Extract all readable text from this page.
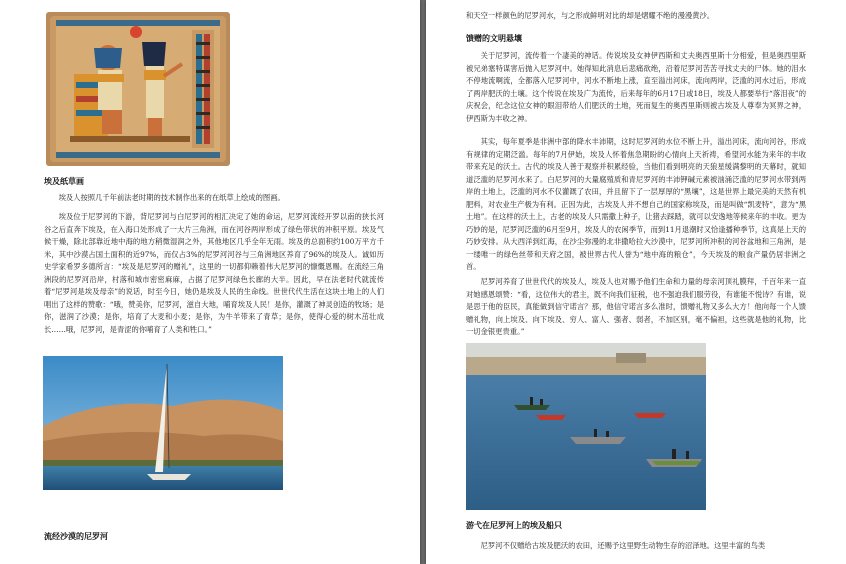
埃及纸草画

埃及人按照几千年前法老时期的技术制作出来的在纸草上绘成的图画。

埃及位于尼罗河的下游，背尼罗河与白尼罗河的相汇决定了她的命运，尼罗河流经开罗以南的狭长河谷之后直奔下埃及，在入海口处形成了一大片三角洲，而在河谷两岸形成了绿色带状的冲积平原。埃及气候干燥，除北部靠近地中海的地方稍微湿润之外，其他地区几乎全年无雨。埃及的总面积约100万平方千米，其中沙漠占国土面积的近97%，而仅占3%的尼罗河河谷与三角洲地区养育了96%的埃及人。诚如历史学家希罗多德所言：“埃及是尼罗河的赠礼”，这里的一切都仰赖着伟大尼罗河的慷慨恩赐。在流经三角洲段的尼罗河沿岸，村落和城市密密麻麻，占据了尼罗河绿色长廊的大半。因此，早在法老时代就流传着“尼罗河是埃及母亲”的说话，时至今日，她仍是埃及人民的生命线。世世代代生活在这块土地上的人们唱出了这样的赞歌：“哦，赞美你，尼罗河，滋自大地，哺育埃及人民！是你，灌溉了神灵创造的牧场；是你，滋润了沙漠；是你，培育了大麦和小麦；是你，为牛羊带来了青草；是你，使得心爱的树木茁壮成长……哦，尼罗河，是青涩的你哺育了人类和牲口。”

流经沙漠的尼罗河

和天空一样颜色的尼罗河水，与之形成鲜明对比的却是熠耀不绝的漫漫黄沙。

馈赠的文明悬壤

关于尼罗河，流传着一个凄美的神话。传说埃及女神伊西斯和丈夫奥西里斯十分相爱，但是奥西里斯被兄弟塞特谋害后抛入尼罗河中。她得知此消息后悲痛欲绝，沿着尼罗河苦苦寻找丈夫的尸体。她的泪水不停地流啊流，全都落入尼罗河中，河水不断地上涨，直至溢出河床，流向两岸，泛滥的河水过后，形成了两岸肥沃的土壤。这个传说在埃及广为流传，后来每年的6月17日或18日，埃及人都要举行“落泪夜”的庆祝会，纪念这位女神的眼泪带给人们肥沃的土地，死而复生的奥西里斯则被古埃及人尊奉为冥界之神，伊西斯为丰收之神。

其实，每年夏季是非洲中部的降水丰沛期，这时尼罗河的水位不断上升，溢出河床，流向河谷，形成有规律的定期泛滥。每年的7月伊始，埃及人怀着焦急期盼的心情向上天祈祷，希望河水能为来年的丰收带来充足的沃土。古代的埃及人善于观察并积累经验，当他们看到明亮的天狼星缓满黎明的天幕时，就知道泛滥的尼罗河水来了。白尼罗河的大量腐殖质和青尼罗河的丰沛钾碱元素被汹涌泛滥的尼罗河水带到两岸的土地上，泛滥的河水不仅灌溉了农田，并且留下了一层厚厚的“黑壤”，这是世界上最完美的天然有机肥料，对农业生产极为有利。正因为此，古埃及人并不想自己的国家称埃及，而是叫做“凯麦特”，意为“黑土地”。在这样的沃土上，古老的埃及人只需撒上种子，让猪去踩踏，就可以安逸地等候来年的丰收。更为巧妙的是，尼罗河泛滥的6月至9月，埃及人的农闲季节，而到11月退潮时又恰逢播种季节，这真是上天的巧妙安排。从大西洋到红海，在沙尘弥漫的北非撒哈拉大沙漠中，尼罗河所冲积的河谷盆地和三角洲，是一缕唯一的绿色丝带和天府之国，被世界古代人誉为“地中海的粮仓”，今天埃及的粮食产量仍居非洲之首。

尼罗河养育了世世代代的埃及人，埃及人也对赐予他们生命和力量的母亲河顶礼膜拜，千百年来一直对她感恩颂赞：“看，这位伟大的君主，既不向我们征税，也不强迫我们服劳役，有谁能不悦诗？有谁，说是思于他的臣民，真能做到信守诺言？那，他信守诺言多么准时，馈赠礼物又多么大方！他向每一个人馈赠礼物，向上埃及、向下埃及、穷人、富人、强者、弱者，不加区别，毫不偏袒，这些就是他的礼物，比一切金银更贵重。”

游弋在尼罗河上的埃及船只

尼罗河不仅赠给古埃及肥沃的农田，还赐予这里野生动物生存的沼泽地。这里丰富的鸟类
